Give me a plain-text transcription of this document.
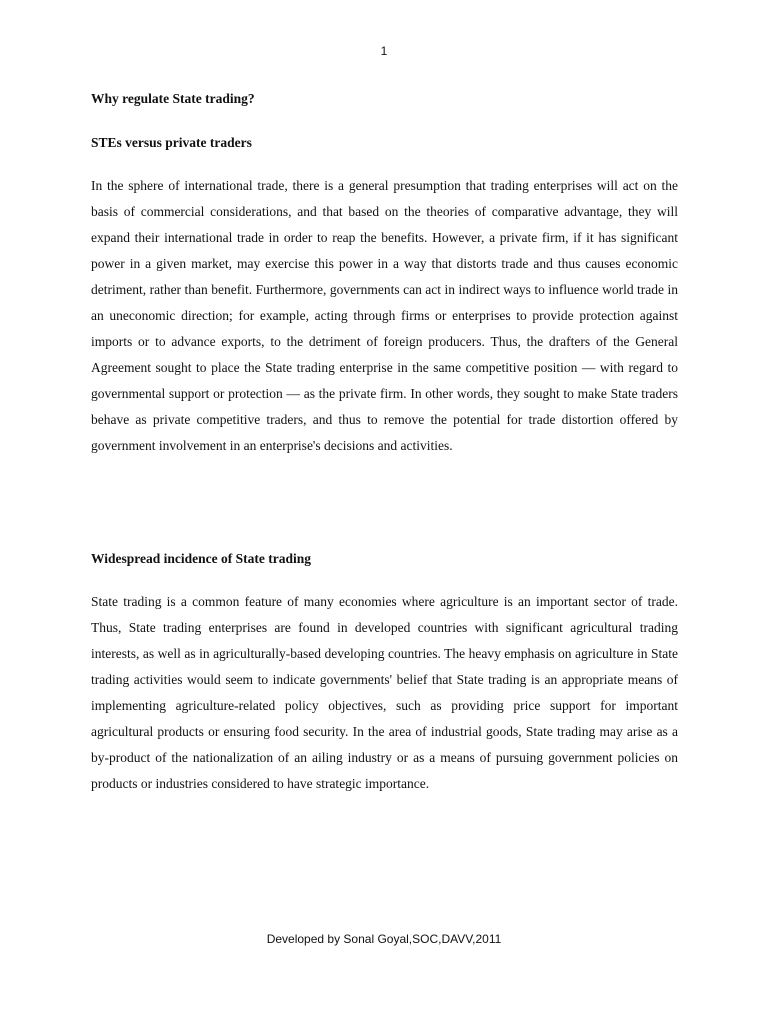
1
Why regulate State trading?
STEs versus private traders

In the sphere of international trade, there is a general presumption that trading enterprises will act on the basis of commercial considerations, and that based on the theories of comparative advantage, they will expand their international trade in order to reap the benefits. However, a private firm, if it has significant power in a given market, may exercise this power in a way that distorts trade and thus causes economic detriment, rather than benefit. Furthermore, governments can act in indirect ways to influence world trade in an uneconomic direction; for example, acting through firms or enterprises to provide protection against imports or to advance exports, to the detriment of foreign producers. Thus, the drafters of the General Agreement sought to place the State trading enterprise in the same competitive position — with regard to governmental support or protection — as the private firm. In other words, they sought to make State traders behave as private competitive traders, and thus to remove the potential for trade distortion offered by government involvement in an enterprise's decisions and activities.

Widespread incidence of State trading

State trading is a common feature of many economies where agriculture is an important sector of trade. Thus, State trading enterprises are found in developed countries with significant agricultural trading interests, as well as in agriculturally-based developing countries. The heavy emphasis on agriculture in State trading activities would seem to indicate governments' belief that State trading is an appropriate means of implementing agriculture-related policy objectives, such as providing price support for important agricultural products or ensuring food security. In the area of industrial goods, State trading may arise as a by-product of the nationalization of an ailing industry or as a means of pursuing government policies on products or industries considered to have strategic importance.

Developed by Sonal Goyal,SOC,DAVV,2011
